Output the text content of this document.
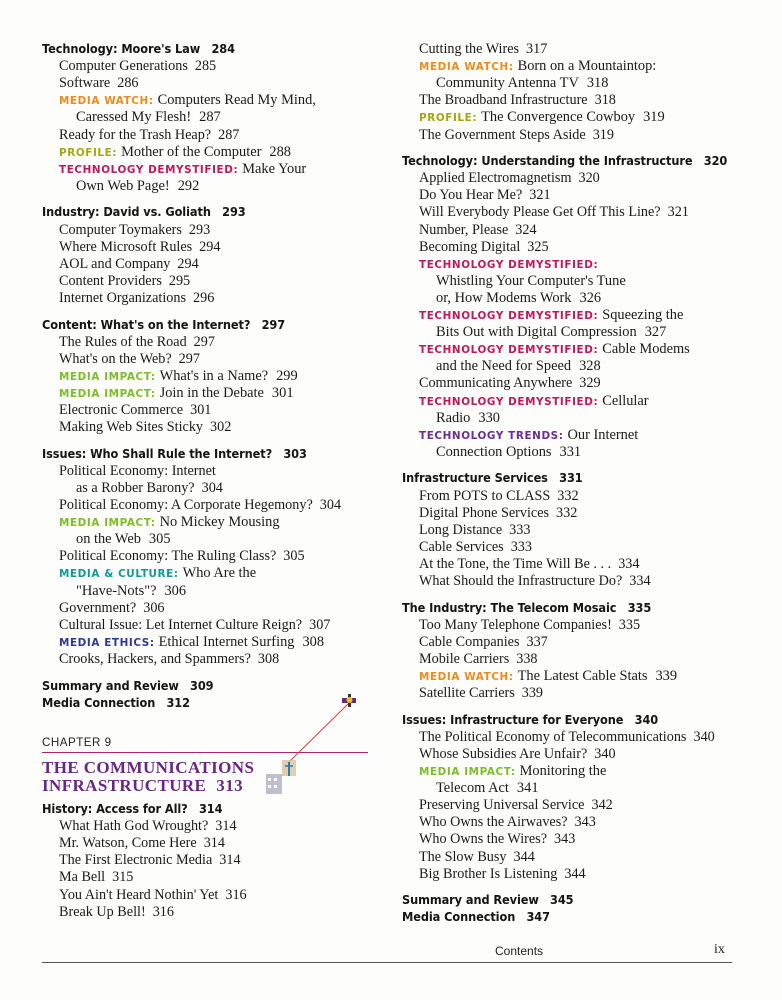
Technology: Moore's Law 284
Computer Generations 285
Software 286
MEDIA WATCH: Computers Read My Mind,
Caressed My Flesh! 287
Ready for the Trash Heap? 287
PROFILE: Mother of the Computer 288
TECHNOLOGY DEMYSTIFIED: Make Your
Own Web Page! 292
Industry: David vs. Goliath 293
Computer Toymakers 293
Where Microsoft Rules 294
AOL and Company 294
Content Providers 295
Internet Organizations 296
Content: What's on the Internet? 297
The Rules of the Road 297
What's on the Web? 297
MEDIA IMPACT: What's in a Name? 299
MEDIA IMPACT: Join in the Debate 301
Electronic Commerce 301
Making Web Sites Sticky 302
Issues: Who Shall Rule the Internet? 303
Political Economy: Internet
as a Robber Barony? 304
Political Economy: A Corporate Hegemony? 304
MEDIA IMPACT: No Mickey Mousing
on the Web 305
Political Economy: The Ruling Class? 305
MEDIA & CULTURE: Who Are the
"Have-Nots"? 306
Government? 306
Cultural Issue: Let Internet Culture Reign? 307
MEDIA ETHICS: Ethical Internet Surfing 308
Crooks, Hackers, and Spammers? 308
Summary and Review 309
Media Connection 312
CHAPTER 9
THE COMMUNICATIONS
INFRASTRUCTURE 313
History: Access for All? 314
What Hath God Wrought? 314
Mr. Watson, Come Here 314
The First Electronic Media 314
Ma Bell 315
You Ain't Heard Nothin' Yet 316
Break Up Bell! 316
Cutting the Wires 317
MEDIA WATCH: Born on a Mountaintop:
Community Antenna TV 318
The Broadband Infrastructure 318
PROFILE: The Convergence Cowboy 319
The Government Steps Aside 319
Technology: Understanding the Infrastructure 320
Applied Electromagnetism 320
Do You Hear Me? 321
Will Everybody Please Get Off This Line? 321
Number, Please 324
Becoming Digital 325
TECHNOLOGY DEMYSTIFIED:
Whistling Your Computer's Tune
or, How Modems Work 326
TECHNOLOGY DEMYSTIFIED: Squeezing the
Bits Out with Digital Compression 327
TECHNOLOGY DEMYSTIFIED: Cable Modems
and the Need for Speed 328
Communicating Anywhere 329
TECHNOLOGY DEMYSTIFIED: Cellular
Radio 330
TECHNOLOGY TRENDS: Our Internet
Connection Options 331
Infrastructure Services 331
From POTS to CLASS 332
Digital Phone Services 332
Long Distance 333
Cable Services 333
At the Tone, the Time Will Be . . . 334
What Should the Infrastructure Do? 334
The Industry: The Telecom Mosaic 335
Too Many Telephone Companies! 335
Cable Companies 337
Mobile Carriers 338
MEDIA WATCH: The Latest Cable Stats 339
Satellite Carriers 339
Issues: Infrastructure for Everyone 340
The Political Economy of Telecommunications 340
Whose Subsidies Are Unfair? 340
MEDIA IMPACT: Monitoring the
Telecom Act 341
Preserving Universal Service 342
Who Owns the Airwaves? 343
Who Owns the Wires? 343
The Slow Busy 344
Big Brother Is Listening 344
Summary and Review 345
Media Connection 347
Contents	ix
